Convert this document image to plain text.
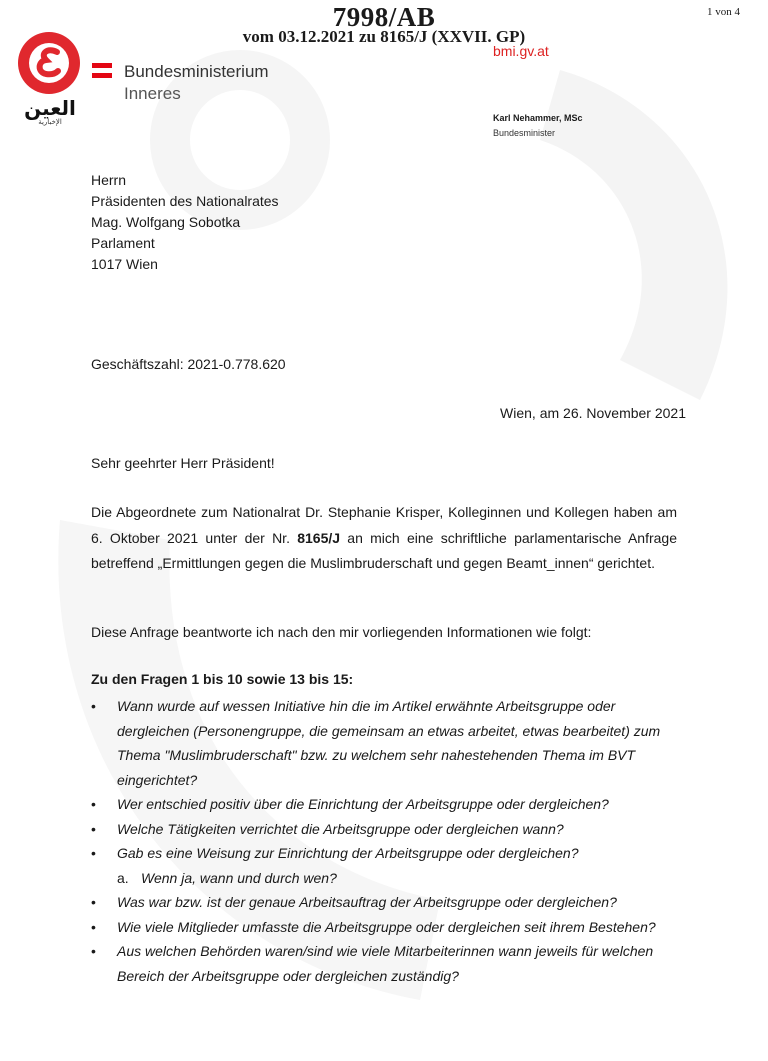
7998/AB
vom 03.12.2021 zu 8165/J (XXVII. GP)
1 von 4
bmi.gv.at
العين
الإخبارية
Bundesministerium
Inneres
Karl Nehammer, MSc
Bundesminister
Herrn
Präsidenten des Nationalrates
Mag. Wolfgang Sobotka
Parlament
1017 Wien
Geschäftszahl: 2021-0.778.620
Wien, am 26. November 2021
Sehr geehrter Herr Präsident!
Die Abgeordnete zum Nationalrat Dr. Stephanie Krisper, Kolleginnen und Kollegen haben am 6. Oktober 2021 unter der Nr. 8165/J an mich eine schriftliche parlamentarische Anfrage betreffend „Ermittlungen gegen die Muslimbruderschaft und gegen Beamt_innen“ gerichtet.
Diese Anfrage beantworte ich nach den mir vorliegenden Informationen wie folgt:
Zu den Fragen 1 bis 10 sowie 13 bis 15:
• Wann wurde auf wessen Initiative hin die im Artikel erwähnte Arbeitsgruppe oder dergleichen (Personengruppe, die gemeinsam an etwas arbeitet, etwas bearbeitet) zum Thema "Muslimbruderschaft" bzw. zu welchem sehr nahestehenden Thema im BVT eingerichtet?
• Wer entschied positiv über die Einrichtung der Arbeitsgruppe oder dergleichen?
• Welche Tätigkeiten verrichtet die Arbeitsgruppe oder dergleichen wann?
• Gab es eine Weisung zur Einrichtung der Arbeitsgruppe oder dergleichen?
a. Wenn ja, wann und durch wen?
• Was war bzw. ist der genaue Arbeitsauftrag der Arbeitsgruppe oder dergleichen?
• Wie viele Mitglieder umfasste die Arbeitsgruppe oder dergleichen seit ihrem Bestehen?
• Aus welchen Behörden waren/sind wie viele Mitarbeiterinnen wann jeweils für welchen Bereich der Arbeitsgruppe oder dergleichen zuständig?
